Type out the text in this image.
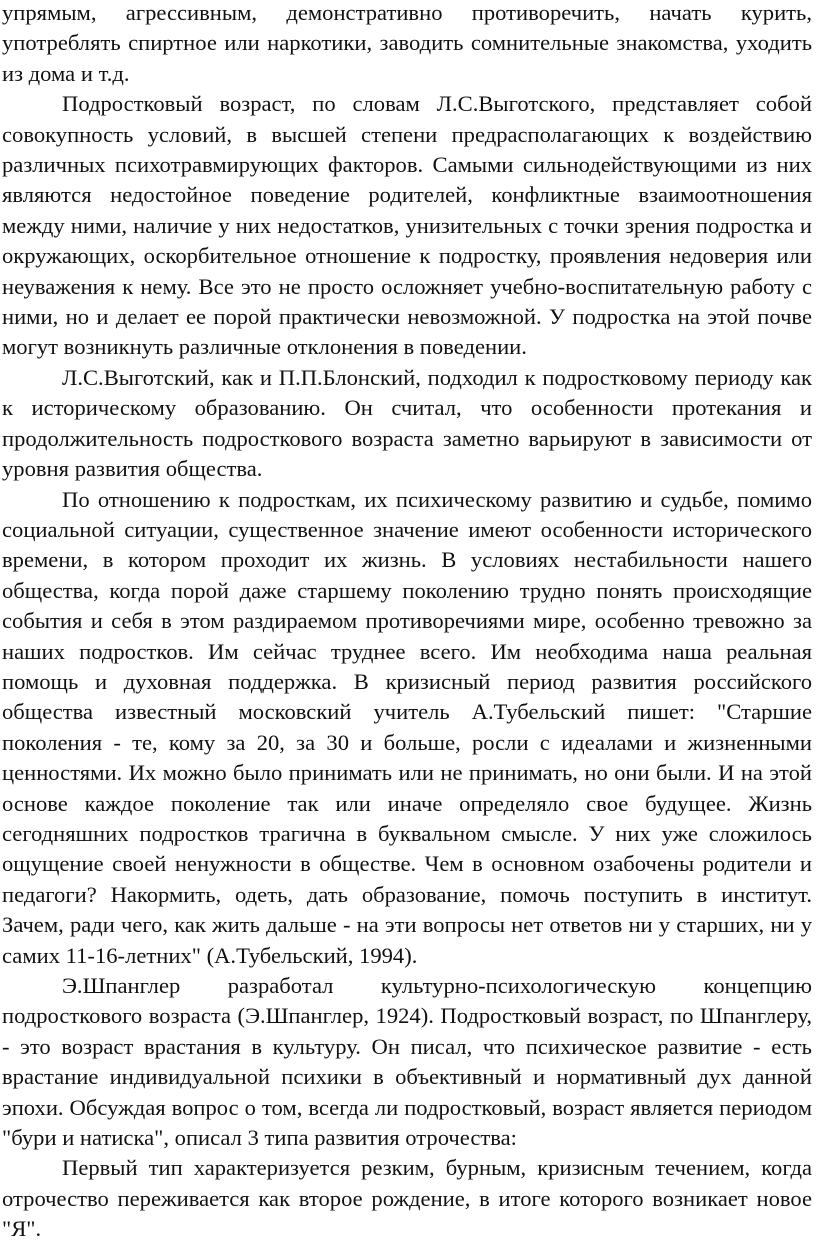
упрямым, агрессивным, демонстративно противоречить, начать курить, употреблять спиртное или наркотики, заводить сомнительные знакомства, уходить из дома и т.д.

Подростковый возраст, по словам Л.С.Выготского, представляет собой совокупность условий, в высшей степени предрасполагающих к воздействию различных психотравмирующих факторов. Самыми сильнодействующими из них являются недостойное поведение родителей, конфликтные взаимоотношения между ними, наличие у них недостатков, унизительных с точки зрения подростка и окружающих, оскорбительное отношение к подростку, проявления недоверия или неуважения к нему. Все это не просто осложняет учебно-воспитательную работу с ними, но и делает ее порой практически невозможной. У подростка на этой почве могут возникнуть различные отклонения в поведении.

Л.С.Выготский, как и П.П.Блонский, подходил к подростковому периоду как к историческому образованию. Он считал, что особенности протекания и продолжительность подросткового возраста заметно варьируют в зависимости от уровня развития общества.

По отношению к подросткам, их психическому развитию и судьбе, помимо социальной ситуации, существенное значение имеют особенности исторического времени, в котором проходит их жизнь. В условиях нестабильности нашего общества, когда порой даже старшему поколению трудно понять происходящие события и себя в этом раздираемом противоречиями мире, особенно тревожно за наших подростков. Им сейчас труднее всего. Им необходима наша реальная помощь и духовная поддержка. В кризисный период развития российского общества известный московский учитель А.Тубельский пишет: "Старшие поколения - те, кому за 20, за 30 и больше, росли с идеалами и жизненными ценностями. Их можно было принимать или не принимать, но они были. И на этой основе каждое поколение так или иначе определяло свое будущее. Жизнь сегодняшних подростков трагична в буквальном смысле. У них уже сложилось ощущение своей ненужности в обществе. Чем в основном озабочены родители и педагоги? Накормить, одеть, дать образование, помочь поступить в институт. Зачем, ради чего, как жить дальше - на эти вопросы нет ответов ни у старших, ни у самих 11-16-летних" (А.Тубельский, 1994).

Э.Шпанглер разработал культурно-психологическую концепцию подросткового возраста (Э.Шпанглер, 1924). Подростковый возраст, по Шпанглеру, - это возраст врастания в культуру. Он писал, что психическое развитие - есть врастание индивидуальной психики в объективный и нормативный дух данной эпохи. Обсуждая вопрос о том, всегда ли подростковый, возраст является периодом "бури и натиска", описал 3 типа развития отрочества:

Первый тип характеризуется резким, бурным, кризисным течением, когда отрочество переживается как второе рождение, в итоге которого возникает новое "Я".
